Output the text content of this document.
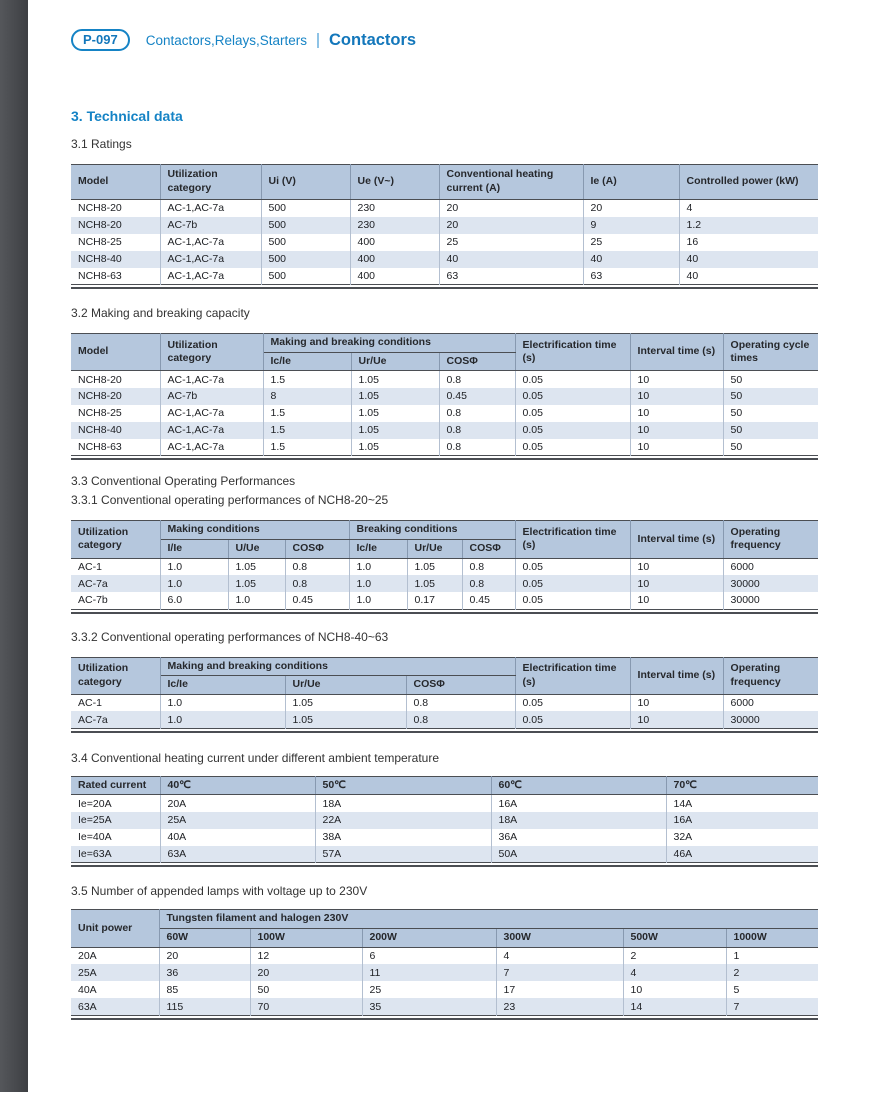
P-097	Contactors,Relays,Starters Contactors
3. Technical data

3.1 Ratings

Model	Utilization category	Ui (V)	Ue (V~)	Conventional heating current (A)	Ie (A)	Controlled power (kW)
NCH8-20	AC-1,AC-7a	500	230	20	20	4
NCH8-20	AC-7b	500	230	20	9	1.2
NCH8-25	AC-1,AC-7a	500	400	25	25	16
NCH8-40	AC-1,AC-7a	500	400	40	40	40
NCH8-63	AC-1,AC-7a	500	400	63	63	40

3.2 Making and breaking capacity

Model	Utilization category	Making and breaking conditions			Electrification time (s)	Interval time (s)	Operating cycle times
		Ic/Ie	Ur/Ue	COSΦ			
NCH8-20	AC-1,AC-7a	1.5	1.05	0.8	0.05	10	50
NCH8-20	AC-7b	8	1.05	0.45	0.05	10	50
NCH8-25	AC-1,AC-7a	1.5	1.05	0.8	0.05	10	50
NCH8-40	AC-1,AC-7a	1.5	1.05	0.8	0.05	10	50
NCH8-63	AC-1,AC-7a	1.5	1.05	0.8	0.05	10	50

3.3 Conventional Operating Performances

3.3.1 Conventional operating performances of NCH8-20~25

Utilization category	Making conditions			Breaking conditions			Electrification time (s)	Interval time (s)	Operating frequency
	I/Ie	U/Ue	COSΦ	Ic/Ie	Ur/Ue	COSΦ			
AC-1	1.0	1.05	0.8	1.0	1.05	0.8	0.05	10	6000
AC-7a	1.0	1.05	0.8	1.0	1.05	0.8	0.05	10	30000
AC-7b	6.0	1.0	0.45	1.0	0.17	0.45	0.05	10	30000

3.3.2 Conventional operating performances of NCH8-40~63

Utilization category	Making and breaking conditions			Electrification time (s)	Interval time (s)	Operating frequency
	Ic/Ie	Ur/Ue	COSΦ			
AC-1	1.0	1.05	0.8	0.05	10	6000
AC-7a	1.0	1.05	0.8	0.05	10	30000

3.4 Conventional heating current under different ambient temperature

Rated current	40℃	50℃	60℃	70℃
Ie=20A	20A	18A	16A	14A
Ie=25A	25A	22A	18A	16A
Ie=40A	40A	38A	36A	32A
Ie=63A	63A	57A	50A	46A

3.5 Number of appended lamps with voltage up to 230V

Unit power	Tungsten filament and halogen 230V					
	60W	100W	200W	300W	500W	1000W
20A	20	12	6	4	2	1
25A	36	20	11	7	4	2
40A	85	50	25	17	10	5
63A	115	70	35	23	14	7
